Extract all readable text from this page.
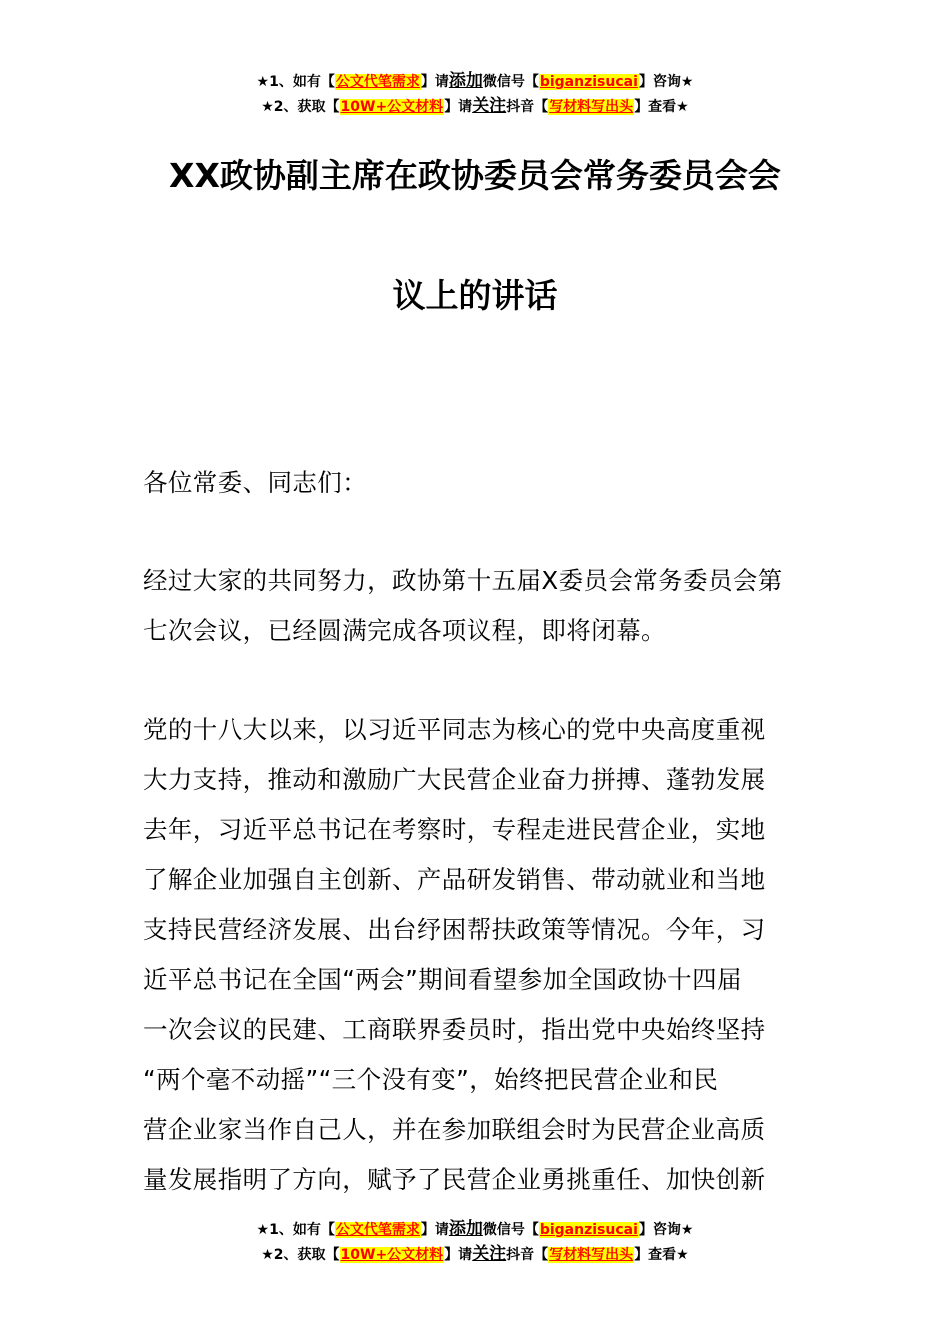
★1、如有【公文代笔需求】请添加微信号【biganzisucai】咨询★
★2、获取【10W+公文材料】请关注抖音【写材料写出头】查看★
XX政协副主席在政协委员会常务委员会会
议上的讲话
各位常委、同志们：
经过大家的共同努力，政协第十五届X委员会常务委员会第
七次会议，已经圆满完成各项议程，即将闭幕。
党的十八大以来，以习近平同志为核心的党中央高度重视
大力支持，推动和激励广大民营企业奋力拼搏、蓬勃发展
去年，习近平总书记在考察时，专程走进民营企业，实地
了解企业加强自主创新、产品研发销售、带动就业和当地
支持民营经济发展、出台纾困帮扶政策等情况。今年，习
近平总书记在全国“两会”期间看望参加全国政协十四届
一次会议的民建、工商联界委员时，指出党中央始终坚持
“两个毫不动摇”“三个没有变”，始终把民营企业和民
营企业家当作自己人，并在参加联组会时为民营企业高质
量发展指明了方向，赋予了民营企业勇挑重任、加快创新
★1、如有【公文代笔需求】请添加微信号【biganzisucai】咨询★
★2、获取【10W+公文材料】请关注抖音【写材料写出头】查看★
